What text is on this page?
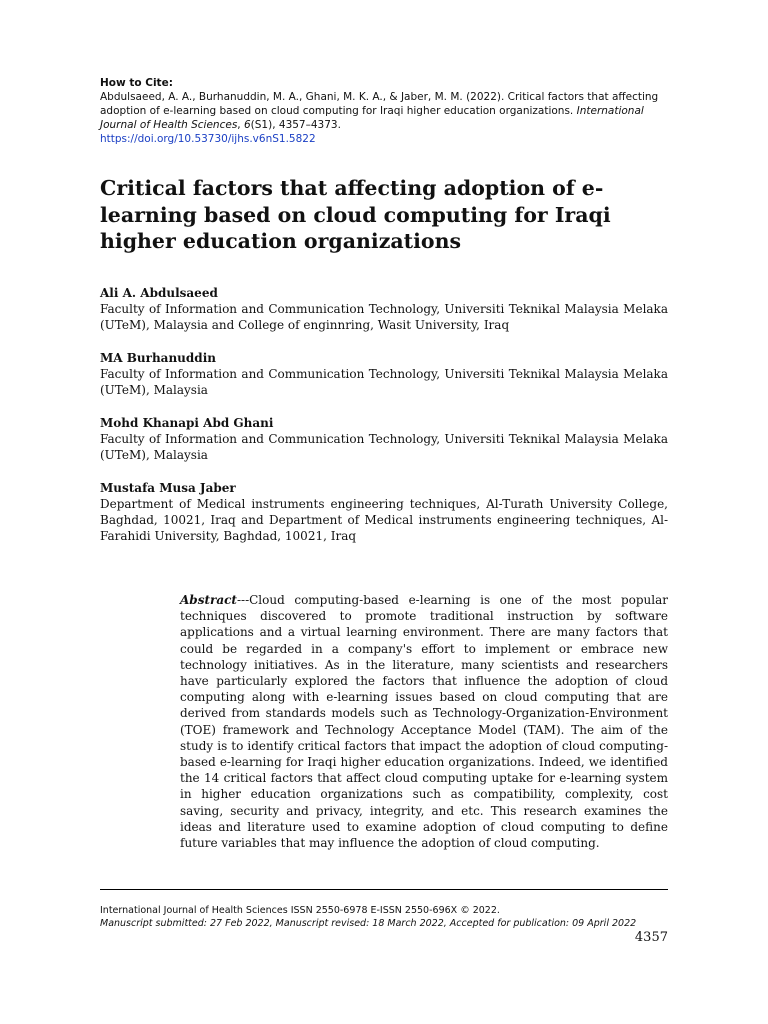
How to Cite:
Abdulsaeed, A. A., Burhanuddin, M. A., Ghani, M. K. A., & Jaber, M. M. (2022). Critical factors that affecting adoption of e-learning based on cloud computing for Iraqi higher education organizations. International Journal of Health Sciences, 6(S1), 4357–4373.
https://doi.org/10.53730/ijhs.v6nS1.5822
Critical factors that affecting adoption of e-learning based on cloud computing for Iraqi higher education organizations
Ali A. Abdulsaeed
Faculty of Information and Communication Technology, Universiti Teknikal Malaysia Melaka (UTeM), Malaysia and College of enginnring, Wasit University, Iraq
MA Burhanuddin
Faculty of Information and Communication Technology, Universiti Teknikal Malaysia Melaka (UTeM), Malaysia
Mohd Khanapi Abd Ghani
Faculty of Information and Communication Technology, Universiti Teknikal Malaysia Melaka (UTeM), Malaysia
Mustafa Musa Jaber
Department of Medical instruments engineering techniques, Al-Turath University College, Baghdad, 10021, Iraq and Department of Medical instruments engineering techniques, Al-Farahidi University, Baghdad, 10021, Iraq

Abstract---Cloud computing-based e-learning is one of the most popular techniques discovered to promote traditional instruction by software applications and a virtual learning environment. There are many factors that could be regarded in a company's effort to implement or embrace new technology initiatives. As in the literature, many scientists and researchers have particularly explored the factors that influence the adoption of cloud computing along with e-learning issues based on cloud computing that are derived from standards models such as Technology-Organization-Environment (TOE) framework and Technology Acceptance Model (TAM). The aim of the study is to identify critical factors that impact the adoption of cloud computing-based e-learning for Iraqi higher education organizations. Indeed, we identified the 14 critical factors that affect cloud computing uptake for e-learning system in higher education organizations such as compatibility, complexity, cost saving, security and privacy, integrity, and etc. This research examines the ideas and literature used to examine adoption of cloud computing to define future variables that may influence the adoption of cloud computing.

International Journal of Health Sciences ISSN 2550-6978 E-ISSN 2550-696X © 2022.
Manuscript submitted: 27 Feb 2022, Manuscript revised: 18 March 2022, Accepted for publication: 09 April 2022
4357
